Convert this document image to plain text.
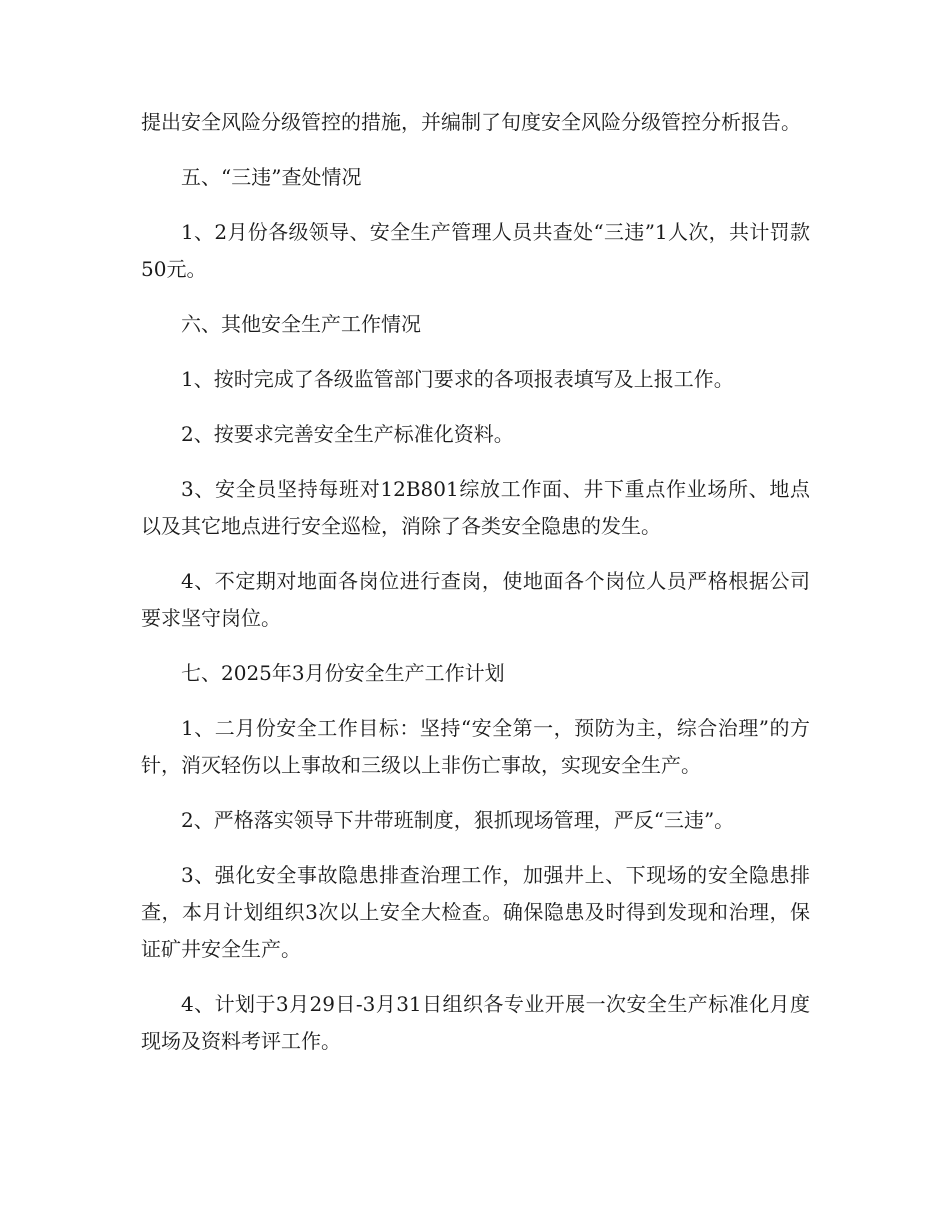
提出安全风险分级管控的措施，并编制了旬度安全风险分级管控分析报告。

五、“三违”查处情况

1、2月份各级领导、安全生产管理人员共查处“三违”1人次，共计罚款50元。

六、其他安全生产工作情况

1、按时完成了各级监管部门要求的各项报表填写及上报工作。

2、按要求完善安全生产标准化资料。

3、安全员坚持每班对12B801综放工作面、井下重点作业场所、地点以及其它地点进行安全巡检，消除了各类安全隐患的发生。

4、不定期对地面各岗位进行查岗，使地面各个岗位人员严格根据公司要求坚守岗位。

七、2025年3月份安全生产工作计划

1、二月份安全工作目标：坚持“安全第一，预防为主，综合治理”的方针，消灭轻伤以上事故和三级以上非伤亡事故，实现安全生产。

2、严格落实领导下井带班制度，狠抓现场管理，严反“三违”。

3、强化安全事故隐患排查治理工作，加强井上、下现场的安全隐患排查，本月计划组织3次以上安全大检查。确保隐患及时得到发现和治理，保证矿井安全生产。

4、计划于3月29日-3月31日组织各专业开展一次安全生产标准化月度现场及资料考评工作。
